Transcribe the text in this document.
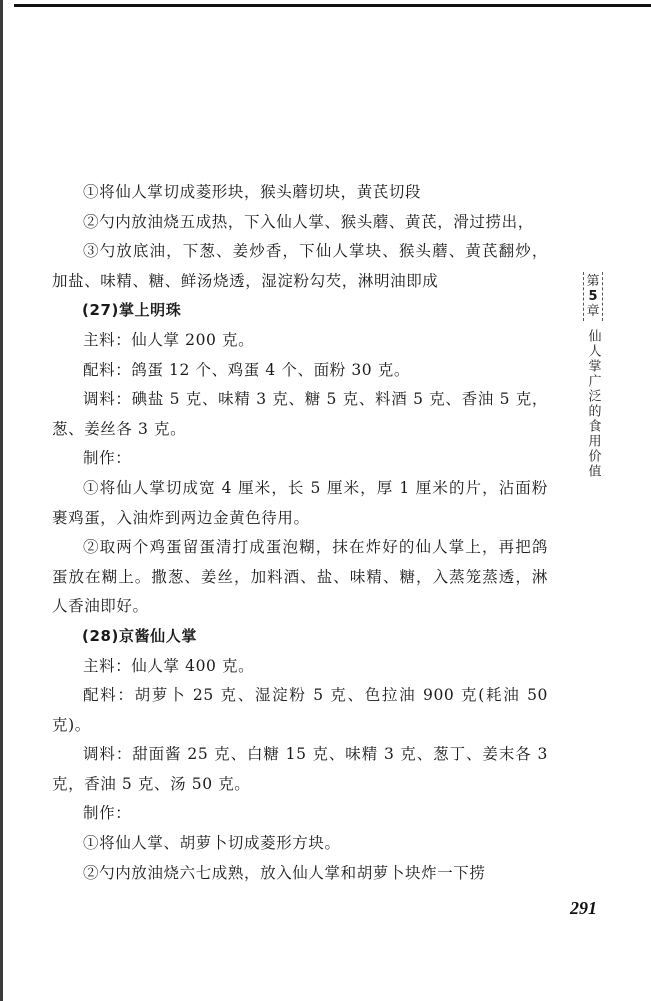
①将仙人掌切成菱形块，猴头蘑切块，黄芪切段

②勺内放油烧五成热，下入仙人掌、猴头蘑、黄芪，滑过捞出，

③勺放底油，下葱、姜炒香，下仙人掌块、猴头蘑、黄芪翻炒，加盐、味精、糖、鲜汤烧透，湿淀粉勾芡，淋明油即成

(27)掌上明珠

主料：仙人掌 200 克。

配料：鸽蛋 12 个、鸡蛋 4 个、面粉 30 克。

调料：碘盐 5 克、味精 3 克、糖 5 克、料酒 5 克、香油 5 克，葱、姜丝各 3 克。

制作：

①将仙人掌切成宽 4 厘米，长 5 厘米，厚 1 厘米的片，沾面粉裹鸡蛋，入油炸到两边金黄色待用。

②取两个鸡蛋留蛋清打成蛋泡糊，抹在炸好的仙人掌上，再把鸽蛋放在糊上。撒葱、姜丝，加料酒、盐、味精、糖，入蒸笼蒸透，淋人香油即好。

(28)京酱仙人掌

主料：仙人掌 400 克。

配料：胡萝卜 25 克、湿淀粉 5 克、色拉油 900 克(耗油 50 克)。

调料：甜面酱 25 克、白糖 15 克、味精 3 克、葱丁、姜末各 3 克，香油 5 克、汤 50 克。

制作：

①将仙人掌、胡萝卜切成菱形方块。

②勺内放油烧六七成熟，放入仙人掌和胡萝卜块炸一下捞

第
5
章
仙人掌广泛的食用价值
291
